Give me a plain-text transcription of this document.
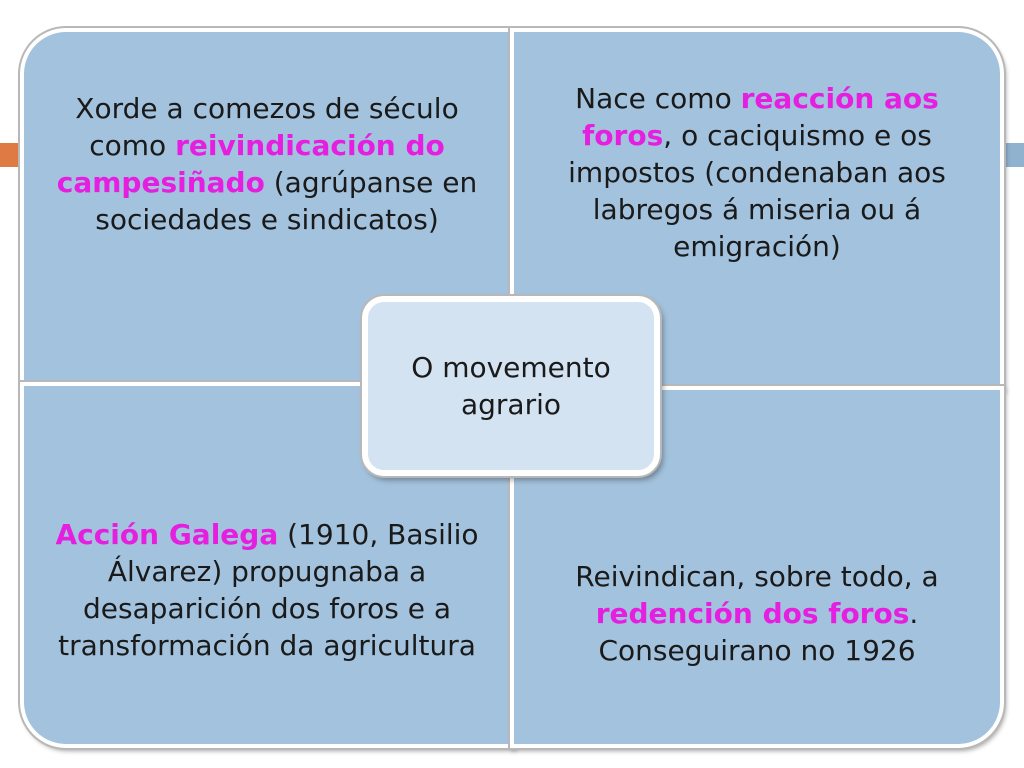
Xorde a comezos de século como reivindicación do campesiñado (agrúpanse en sociedades e sindicatos)
Nace como reacción aos foros, o caciquismo e os impostos (condenaban aos labregos á miseria ou á emigración)
Acción Galega (1910, Basilio Álvarez) propugnaba a desaparición dos foros e a transformación da agricultura
Reivindican, sobre todo, a redención dos foros. Conseguirano no 1926
O movemento
agrario
